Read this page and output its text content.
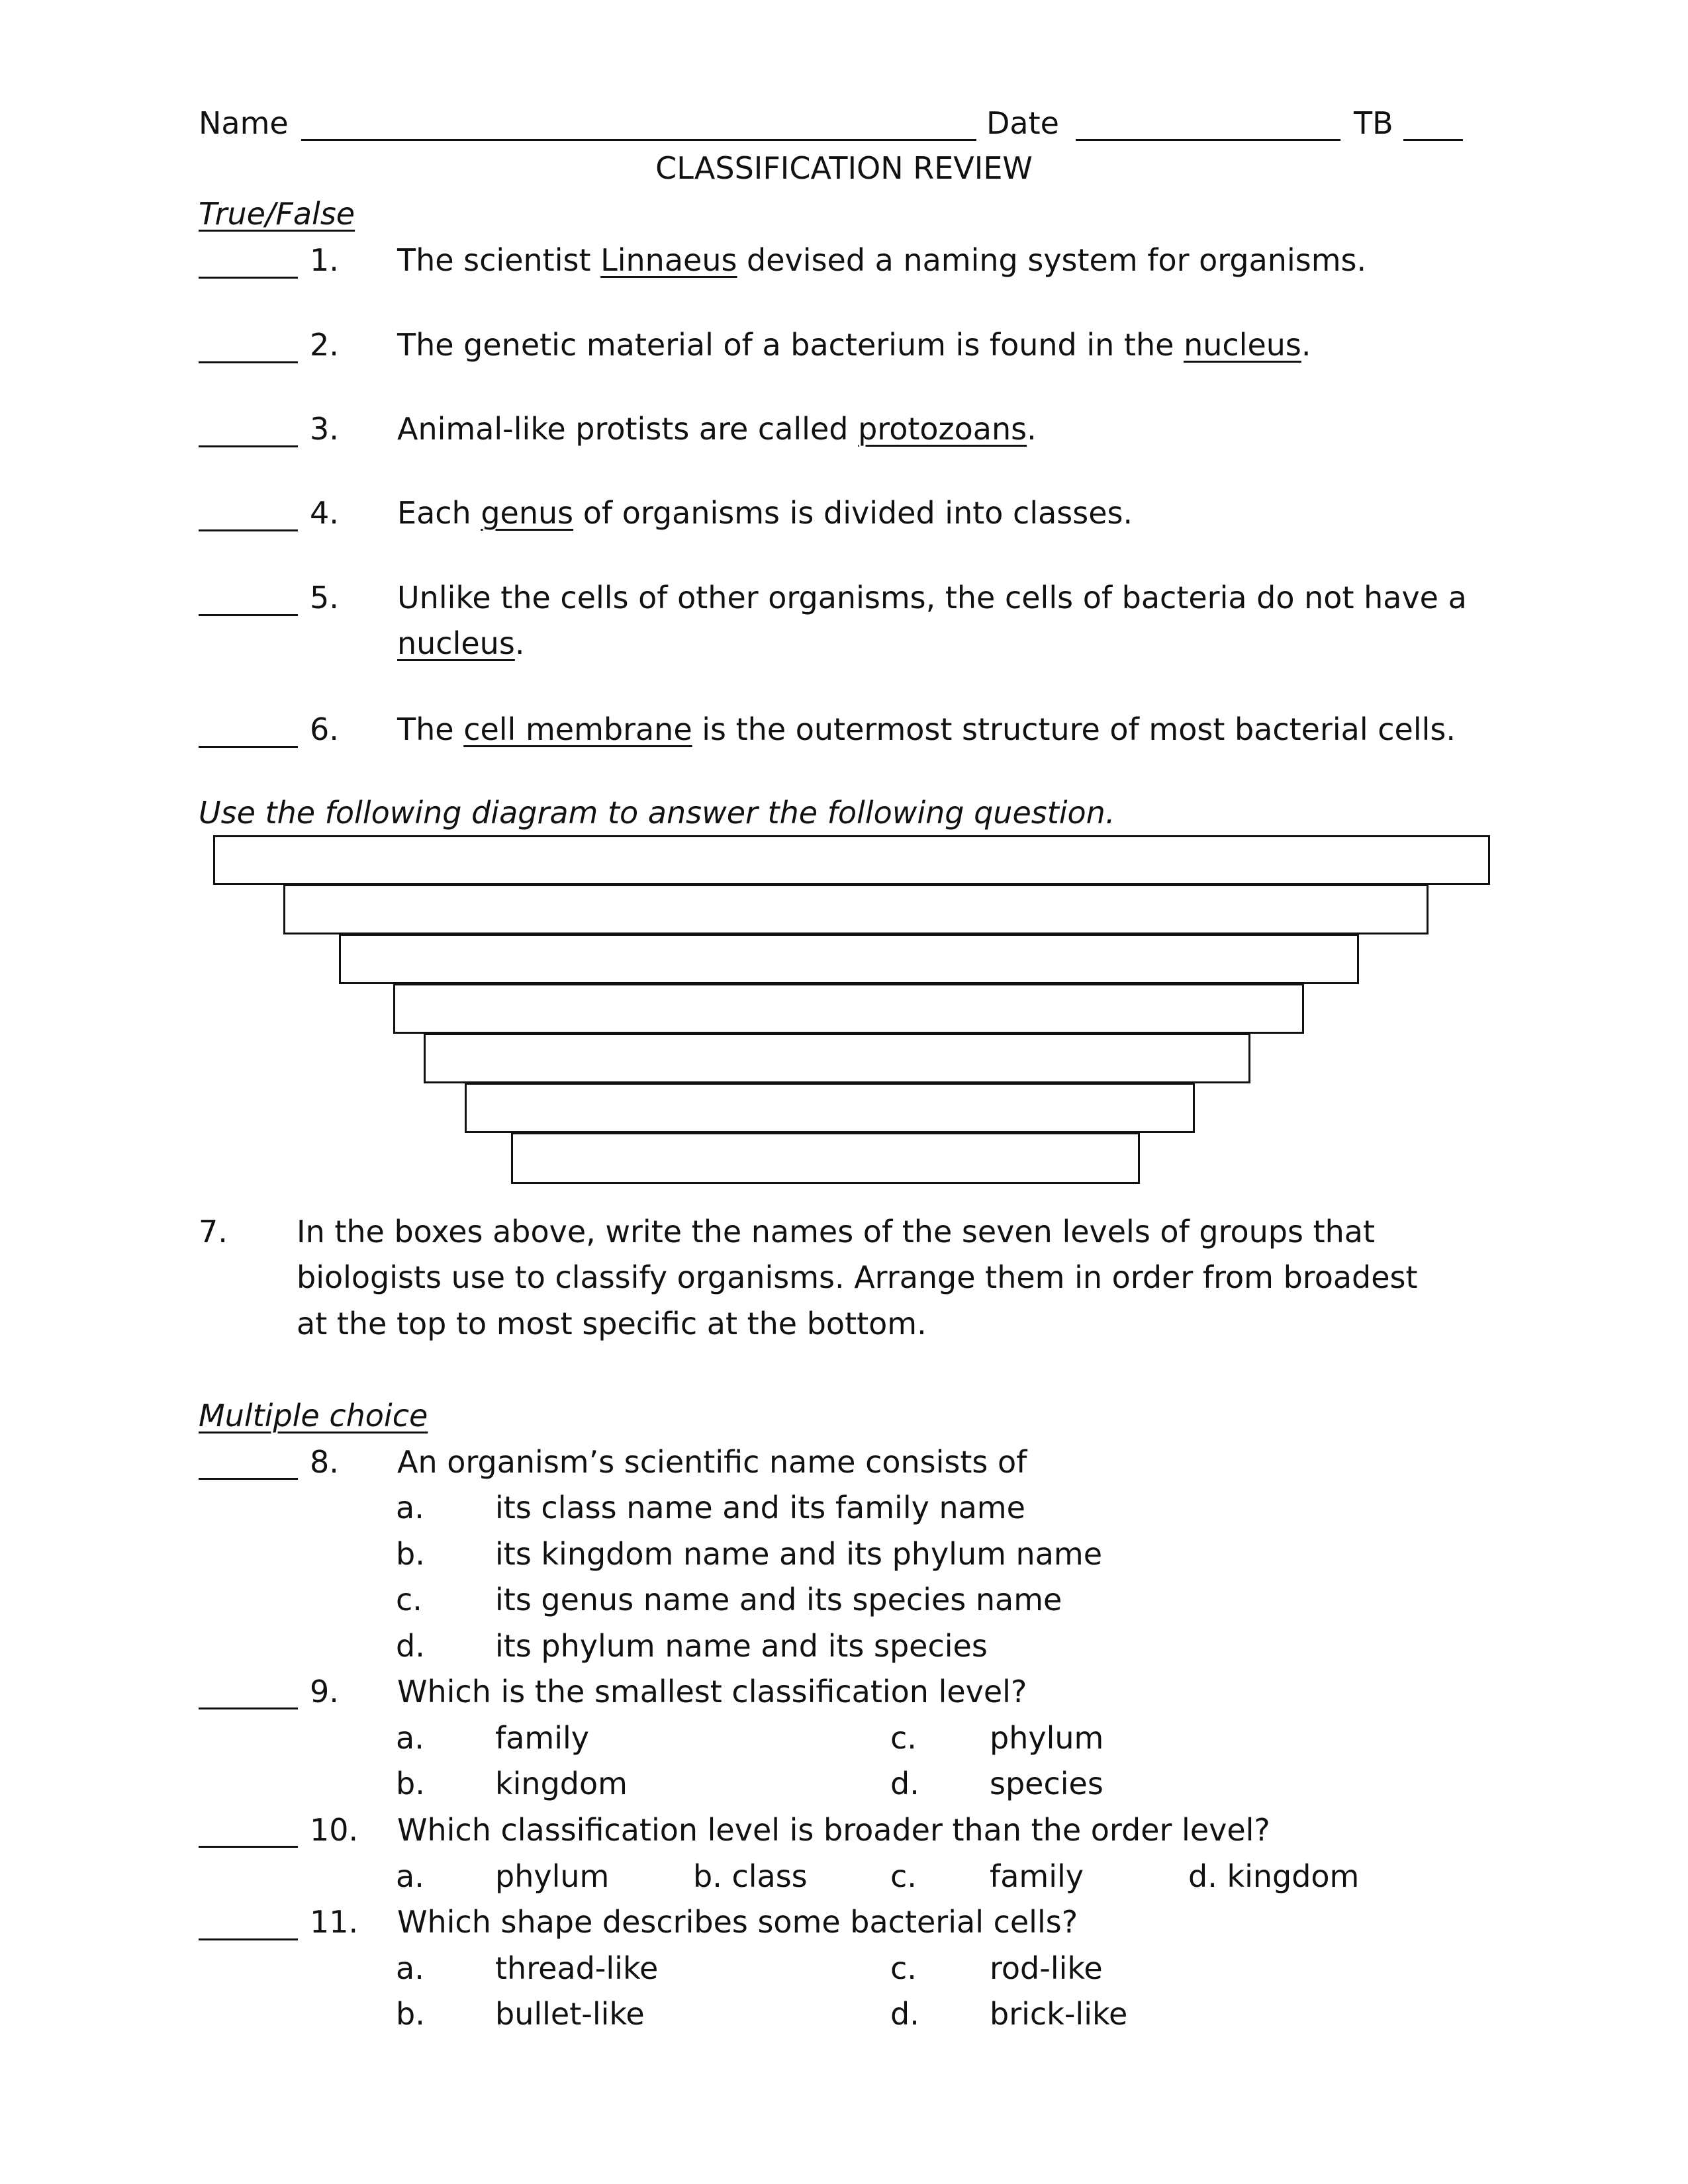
Name	Date	TB
CLASSIFICATION REVIEW
True/False
1. The scientist Linnaeus devised a naming system for organisms.
2. The genetic material of a bacterium is found in the nucleus.
3. Animal-like protists are called protozoans.
4. Each genus of organisms is divided into classes.
5. Unlike the cells of other organisms, the cells of bacteria do not have a
nucleus.
6. The cell membrane is the outermost structure of most bacterial cells.
Use the following diagram to answer the following question.
7. In the boxes above, write the names of the seven levels of groups that
biologists use to classify organisms. Arrange them in order from broadest
at the top to most specific at the bottom.
Multiple choice
8. An organism’s scientific name consists of
a. its class name and its family name
b. its kingdom name and its phylum name
c. its genus name and its species name
d. its phylum name and its species
9. Which is the smallest classification level?
a. family	c. phylum
b. kingdom	d. species
10. Which classification level is broader than the order level?
a. phylum	b. class	c. family	d. kingdom
11. Which shape describes some bacterial cells?
a. thread-like	c. rod-like
b. bullet-like	d. brick-like
